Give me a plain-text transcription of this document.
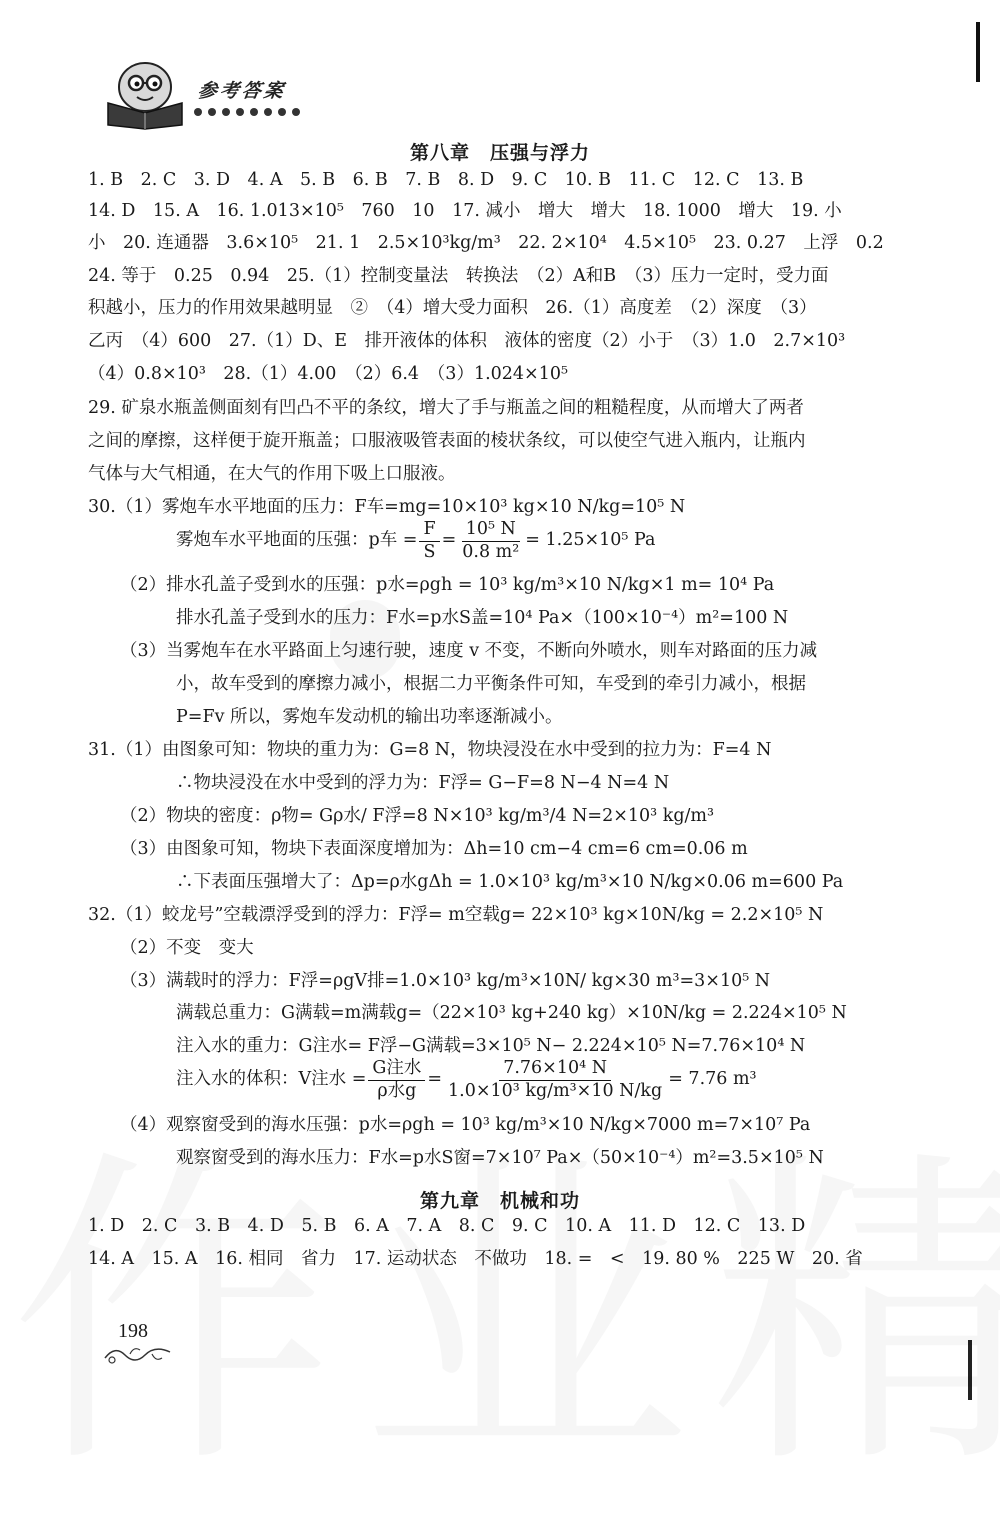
参考答案
第八章　压强与浮力
1. B　2. C　3. D　4. A　5. B　6. B　7. B　8. D　9. C　10. B　11. C　12. C　13. B
14. D　15. A　16. 1.013×10⁵　760　10　17. 减小　增大　增大　18. 1000　增大　19. 小
小　20. 连通器　3.6×10⁵　21. 1　2.5×10³kg/m³　22. 2×10⁴　4.5×10⁵　23. 0.27　上浮　0.2
24. 等于　0.25　0.94　25.（1）控制变量法　转换法　（2）A和B　（3）压力一定时，受力面
积越小，压力的作用效果越明显　②　（4）增大受力面积　26.（1）高度差　（2）深度　（3）
乙丙　（4）600　27.（1）D、E　排开液体的体积　液体的密度（2）小于　（3）1.0　2.7×10³
（4）0.8×10³　28.（1）4.00　（2）6.4　（3）1.024×10⁵
29. 矿泉水瓶盖侧面刻有凹凸不平的条纹，增大了手与瓶盖之间的粗糙程度，从而增大了两者
之间的摩擦，这样便于旋开瓶盖；口服液吸管表面的棱状条纹，可以使空气进入瓶内，让瓶内
气体与大气相通，在大气的作用下吸上口服液。
30.（1）雾炮车水平地面的压力：F车=mg=10×10³ kg×10 N/kg=10⁵ N
雾炮车水平地面的压强：p车 = $\frac{F}{S} = \frac{\text{10⁵ N}}{\text{0.8 m²}} = 1.25\times 10^5$ Pa
（2）排水孔盖子受到水的压强：p水=ρgh = 10³ kg/m³×10 N/kg×1 m= 10⁴ Pa
排水孔盖子受到水的压力：F水=p水S盖=10⁴ Pa×（100×10⁻⁴）m²=100 N
（3）当雾炮车在水平路面上匀速行驶，速度 v 不变，不断向外喷水，则车对路面的压力减
小，故车受到的摩擦力减小，根据二力平衡条件可知，车受到的牵引力减小，根据
P=Fv 所以，雾炮车发动机的输出功率逐渐减小。
31.（1）由图象可知：物块的重力为：G=8 N，物块浸没在水中受到的拉力为：F=4 N
∴物块浸没在水中受到的浮力为：F浮= G−F=8 N−4 N=4 N
（2）物块的密度：ρ物= Gρ水/ F浮=8 N×10³ kg/m³/4 N=2×10³ kg/m³
（3）由图象可知，物块下表面深度增加为：Δh=10 cm−4 cm=6 cm=0.06 m
∴下表面压强增大了：Δp=ρ水gΔh = 1.0×10³ kg/m³×10 N/kg×0.06 m=600 Pa
32.（1）蛟龙号”空载漂浮受到的浮力：F浮= m空载g= 22×10³ kg×10N/kg = 2.2×10⁵ N
（2）不变　变大
（3）满载时的浮力：F浮=ρgV排=1.0×10³ kg/m³×10N/ kg×30 m³=3×10⁵ N
满载总重力：G满载=m满载g=（22×10³ kg+240 kg）×10N/kg = 2.224×10⁵ N
注入水的重力：G注水= F浮−G满载=3×10⁵ N− 2.224×10⁵ N=7.76×10⁴ N
注入水的体积：V注水 = $\frac{\text{G注水}}{\text{ρ水g}} = \frac{\text{7.76×10⁴ N}}{\text{1.0×10³ kg/m³×10 N/kg}} = 7.76$ m³
（4）观察窗受到的海水压强：p水=ρgh = 10³ kg/m³×10 N/kg×7000 m=7×10⁷ Pa
观察窗受到的海水压力：F水=p水S窗=7×10⁷ Pa×（50×10⁻⁴）m²=3.5×10⁵ N
第九章　机械和功
1. D　2. C　3. B　4. D　5. B　6. A　7. A　8. C　9. C　10. A　11. D　12. C　13. D
14. A　15. A　16. 相同　省力　17. 运动状态　不做功　18. =　<　19. 80 %　225 W　20. 省
198
